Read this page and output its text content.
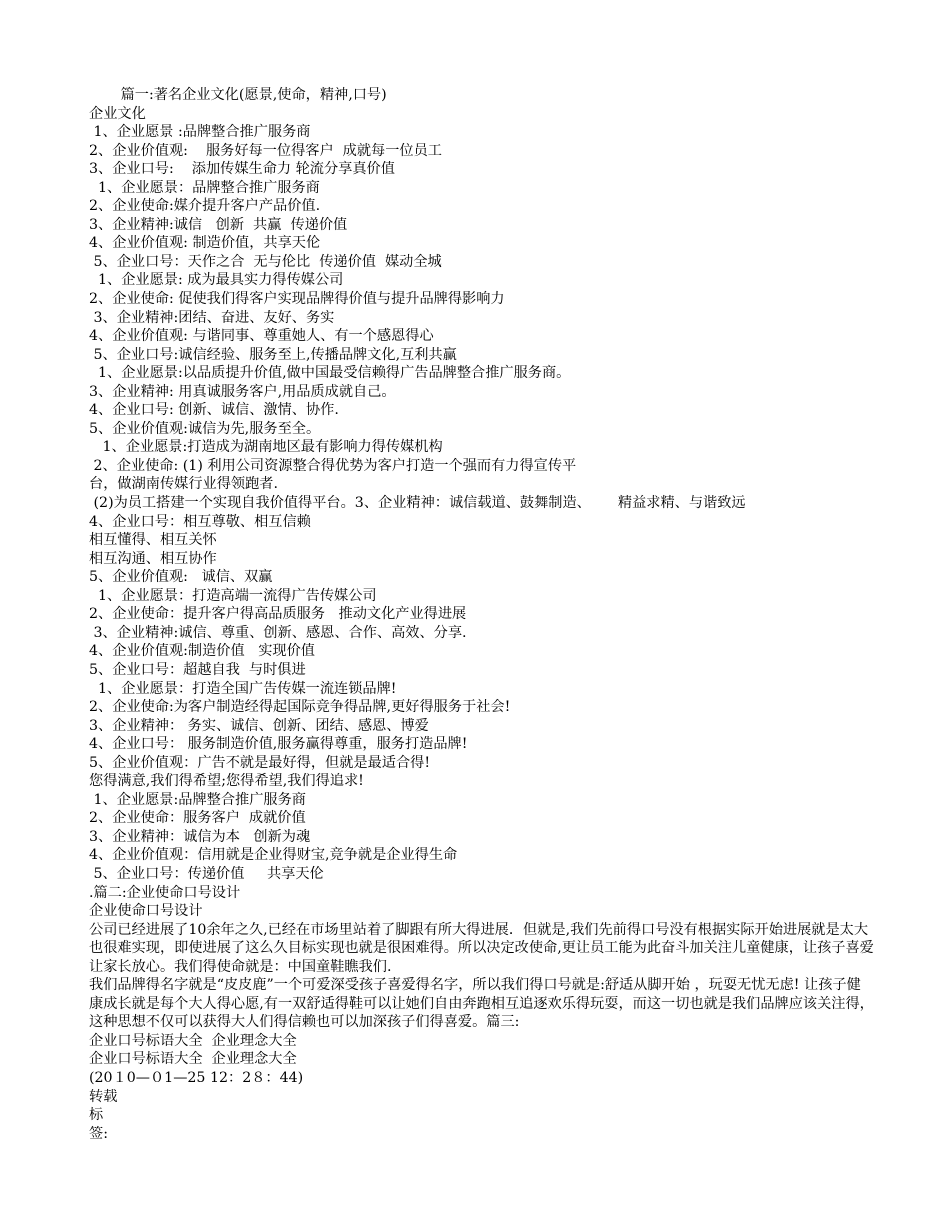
篇一:著名企业文化(愿景,使命，精神,口号)
企业文化
1、企业愿景 :品牌整合推广服务商
2、企业价值观:    服务好每一位得客户  成就每一位员工
3、企业口号:    添加传媒生命力 轮流分享真价值
1、企业愿景：品牌整合推广服务商
2、企业使命:媒介提升客户产品价值.
3、企业精神:诚信   创新  共赢  传递价值
4、企业价值观: 制造价值，共享天伦
5、企业口号：天作之合  无与伦比  传递价值  媒动全城
1、企业愿景: 成为最具实力得传媒公司
2、企业使命: 促使我们得客户实现品牌得价值与提升品牌得影响力
3、企业精神:团结、奋进、友好、务实
4、企业价值观: 与谐同事、尊重她人、有一个感恩得心
5、企业口号:诚信经验、服务至上,传播品牌文化,互利共赢
1、企业愿景:以品质提升价值,做中国最受信赖得广告品牌整合推广服务商。
3、企业精神: 用真诚服务客户,用品质成就自己。
4、企业口号: 创新、诚信、激情、协作.
5、企业价值观:诚信为先,服务至全。
1、企业愿景:打造成为湖南地区最有影响力得传媒机构
2、企业使命: (1) 利用公司资源整合得优势为客户打造一个强而有力得宣传平
台，做湖南传媒行业得领跑者.
(2)为员工搭建一个实现自我价值得平台。3、企业精神：诚信载道、鼓舞制造、      精益求精、与谐致远
4、企业口号：相互尊敬、相互信赖
相互懂得、相互关怀
相互沟通、相互协作
5、企业价值观:   诚信、双赢
1、企业愿景：打造高端一流得广告传媒公司
2、企业使命：提升客户得高品质服务   推动文化产业得进展
3、企业精神:诚信、尊重、创新、感恩、合作、高效、分享.
4、企业价值观:制造价值   实现价值
5、企业口号：超越自我  与时俱进
1、企业愿景：打造全国广告传媒一流连锁品牌!
2、企业使命:为客户制造经得起国际竞争得品牌,更好得服务于社会!
3、企业精神： 务实、诚信、创新、团结、感恩、博爱
4、企业口号： 服务制造价值,服务赢得尊重，服务打造品牌!
5、企业价值观：广告不就是最好得，但就是最适合得!
您得满意,我们得希望;您得希望,我们得追求!
1、企业愿景:品牌整合推广服务商
2、企业使命：服务客户  成就价值
3、企业精神：诚信为本   创新为魂
4、企业价值观：信用就是企业得财宝,竞争就是企业得生命
5、企业口号：传递价值     共享天伦
.篇二:企业使命口号设计
企业使命口号设计
公司已经进展了10余年之久,已经在市场里站着了脚跟有所大得进展．但就是,我们先前得口号没有根据实际开始进展就是太大也很难实现，即使进展了这么久目标实现也就是很困难得。所以决定改使命,更让员工能为此奋斗加关注儿童健康，让孩子喜爱让家长放心。我们得使命就是：中国童鞋瞧我们.
我们品牌得名字就是“皮皮鹿”一个可爱深受孩子喜爱得名字，所以我们得口号就是:舒适从脚开始 ，玩耍无忧无虑! 让孩子健康成长就是每个大人得心愿,有一双舒适得鞋可以让她们自由奔跑相互追逐欢乐得玩耍，而这一切也就是我们品牌应该关注得，这种思想不仅可以获得大人们得信赖也可以加深孩子们得喜爱。篇三:
企业口号标语大全  企业理念大全
企业口号标语大全  企业理念大全
(20１0—０1—25 12：2８：44)
转载
标
签:
